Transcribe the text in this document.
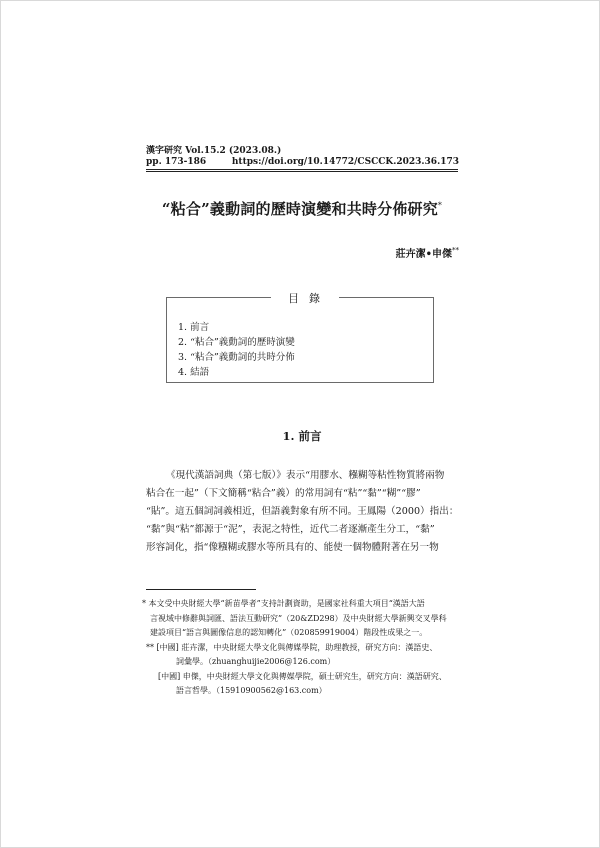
漢字研究 Vol.15.2 (2023.08.)
pp. 173-186	https://doi.org/10.14772/CSCCK.2023.36.173
“粘合”義動詞的歷時演變和共時分佈研究*
莊卉潔•申傑**
目錄
1. 前言
2. “粘合”義動詞的歷時演變
3. “粘合”義動詞的共時分佈
4. 結語
1. 前言
《現代漢語詞典（第七版）》表示“用膠水、糨糊等粘性物質將兩物
粘合在一起”（下文簡稱“粘合”義）的常用詞有“粘”“黏”“糊”“膠”
“貼”。這五個詞詞義相近，但語義對象有所不同。王鳳陽（2000）指出：
“黏”與“粘”都源于“泥”，表泥之特性，近代二者逐漸產生分工，“黏”
形容詞化，指“像糨糊或膠水等所具有的、能使一個物體附著在另一物
* 本文受中央財經大學“新苗學者”支持計劃資助，是國家社科重大項目“漢語大語
言視域中修辭與詞匯、語法互動研究”（20&ZD298）及中央財經大學新興交叉學科
建設項目“語言與圖像信息的認知轉化”（020859919004）階段性成果之一。
** [中國] 莊卉潔，中央財經大學文化與傳媒學院，助理教授，研究方向：漢語史、
詞彙學。（zhuanghuijie2006@126.com）
[中國] 申傑，中央財經大學文化與傳媒學院，碩士研究生，研究方向：漢語研究、
語言哲學。（15910900562@163.com）
